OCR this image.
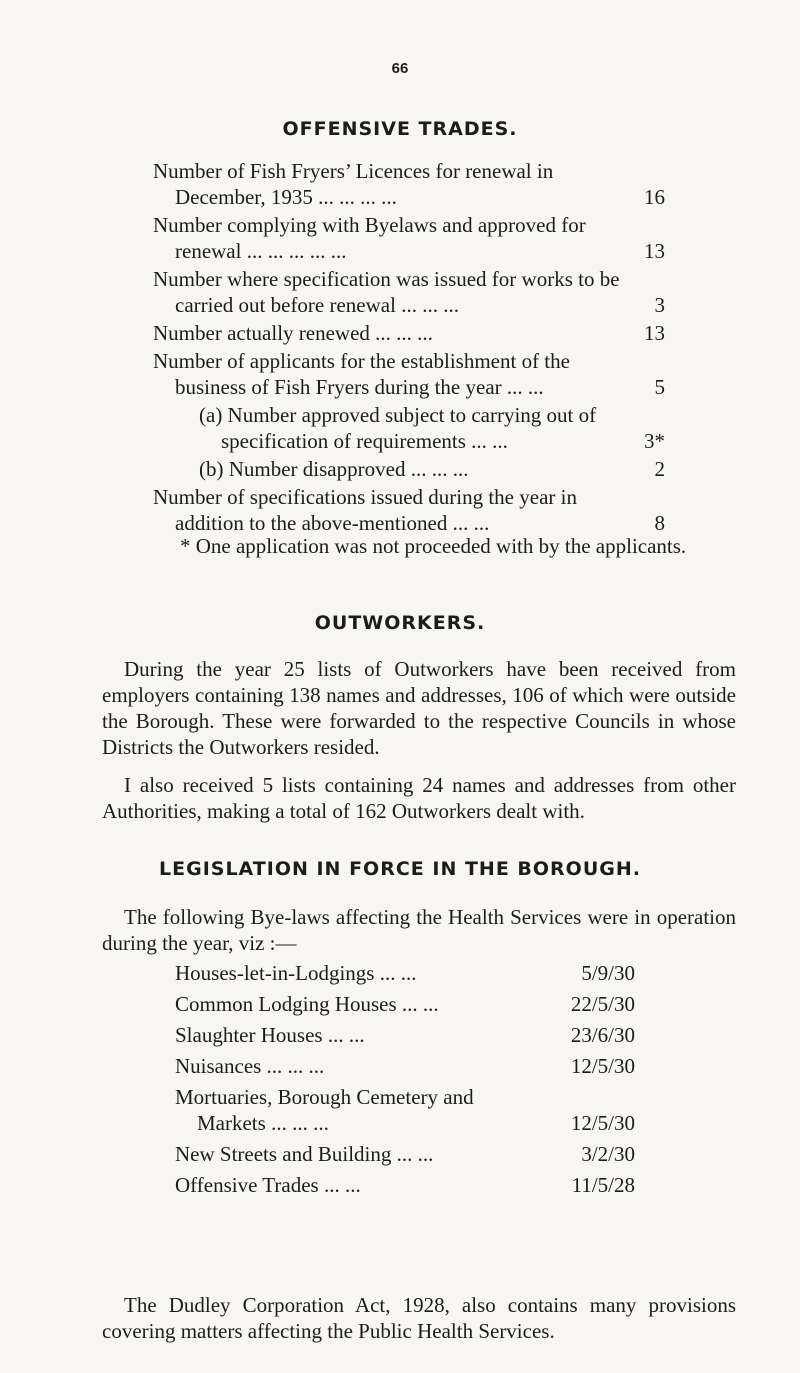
66
OFFENSIVE TRADES.
Number of Fish Fryers’ Licences for renewal in December, 1935 ... ... ... ...	16
Number complying with Byelaws and approved for renewal ... ... ... ... ...	13
Number where specification was issued for works to be carried out before renewal ... ... ...	3
Number actually renewed ... ... ...	13
Number of applicants for the establishment of the business of Fish Fryers during the year ... ...	5
(a) Number approved subject to carrying out of specification of requirements ... ...	3*
(b) Number disapproved ... ... ...	2
Number of specifications issued during the year in addition to the above-mentioned ... ...	8
* One application was not proceeded with by the applicants.
OUTWORKERS.
During the year 25 lists of Outworkers have been received from employers containing 138 names and addresses, 106 of which were outside the Borough. These were forwarded to the respective Councils in whose Districts the Outworkers resided.
I also received 5 lists containing 24 names and addresses from other Authorities, making a total of 162 Outworkers dealt with.
LEGISLATION IN FORCE IN THE BOROUGH.
The following Bye-laws affecting the Health Services were in operation during the year, viz :—
Houses-let-in-Lodgings ... ...	5/9/30
Common Lodging Houses ... ...	22/5/30
Slaughter Houses ... ...	23/6/30
Nuisances ... ... ...	12/5/30
Mortuaries, Borough Cemetery and Markets ... ... ...	12/5/30
New Streets and Building ... ...	3/2/30
Offensive Trades ... ...	11/5/28
The Dudley Corporation Act, 1928, also contains many provisions covering matters affecting the Public Health Services.
